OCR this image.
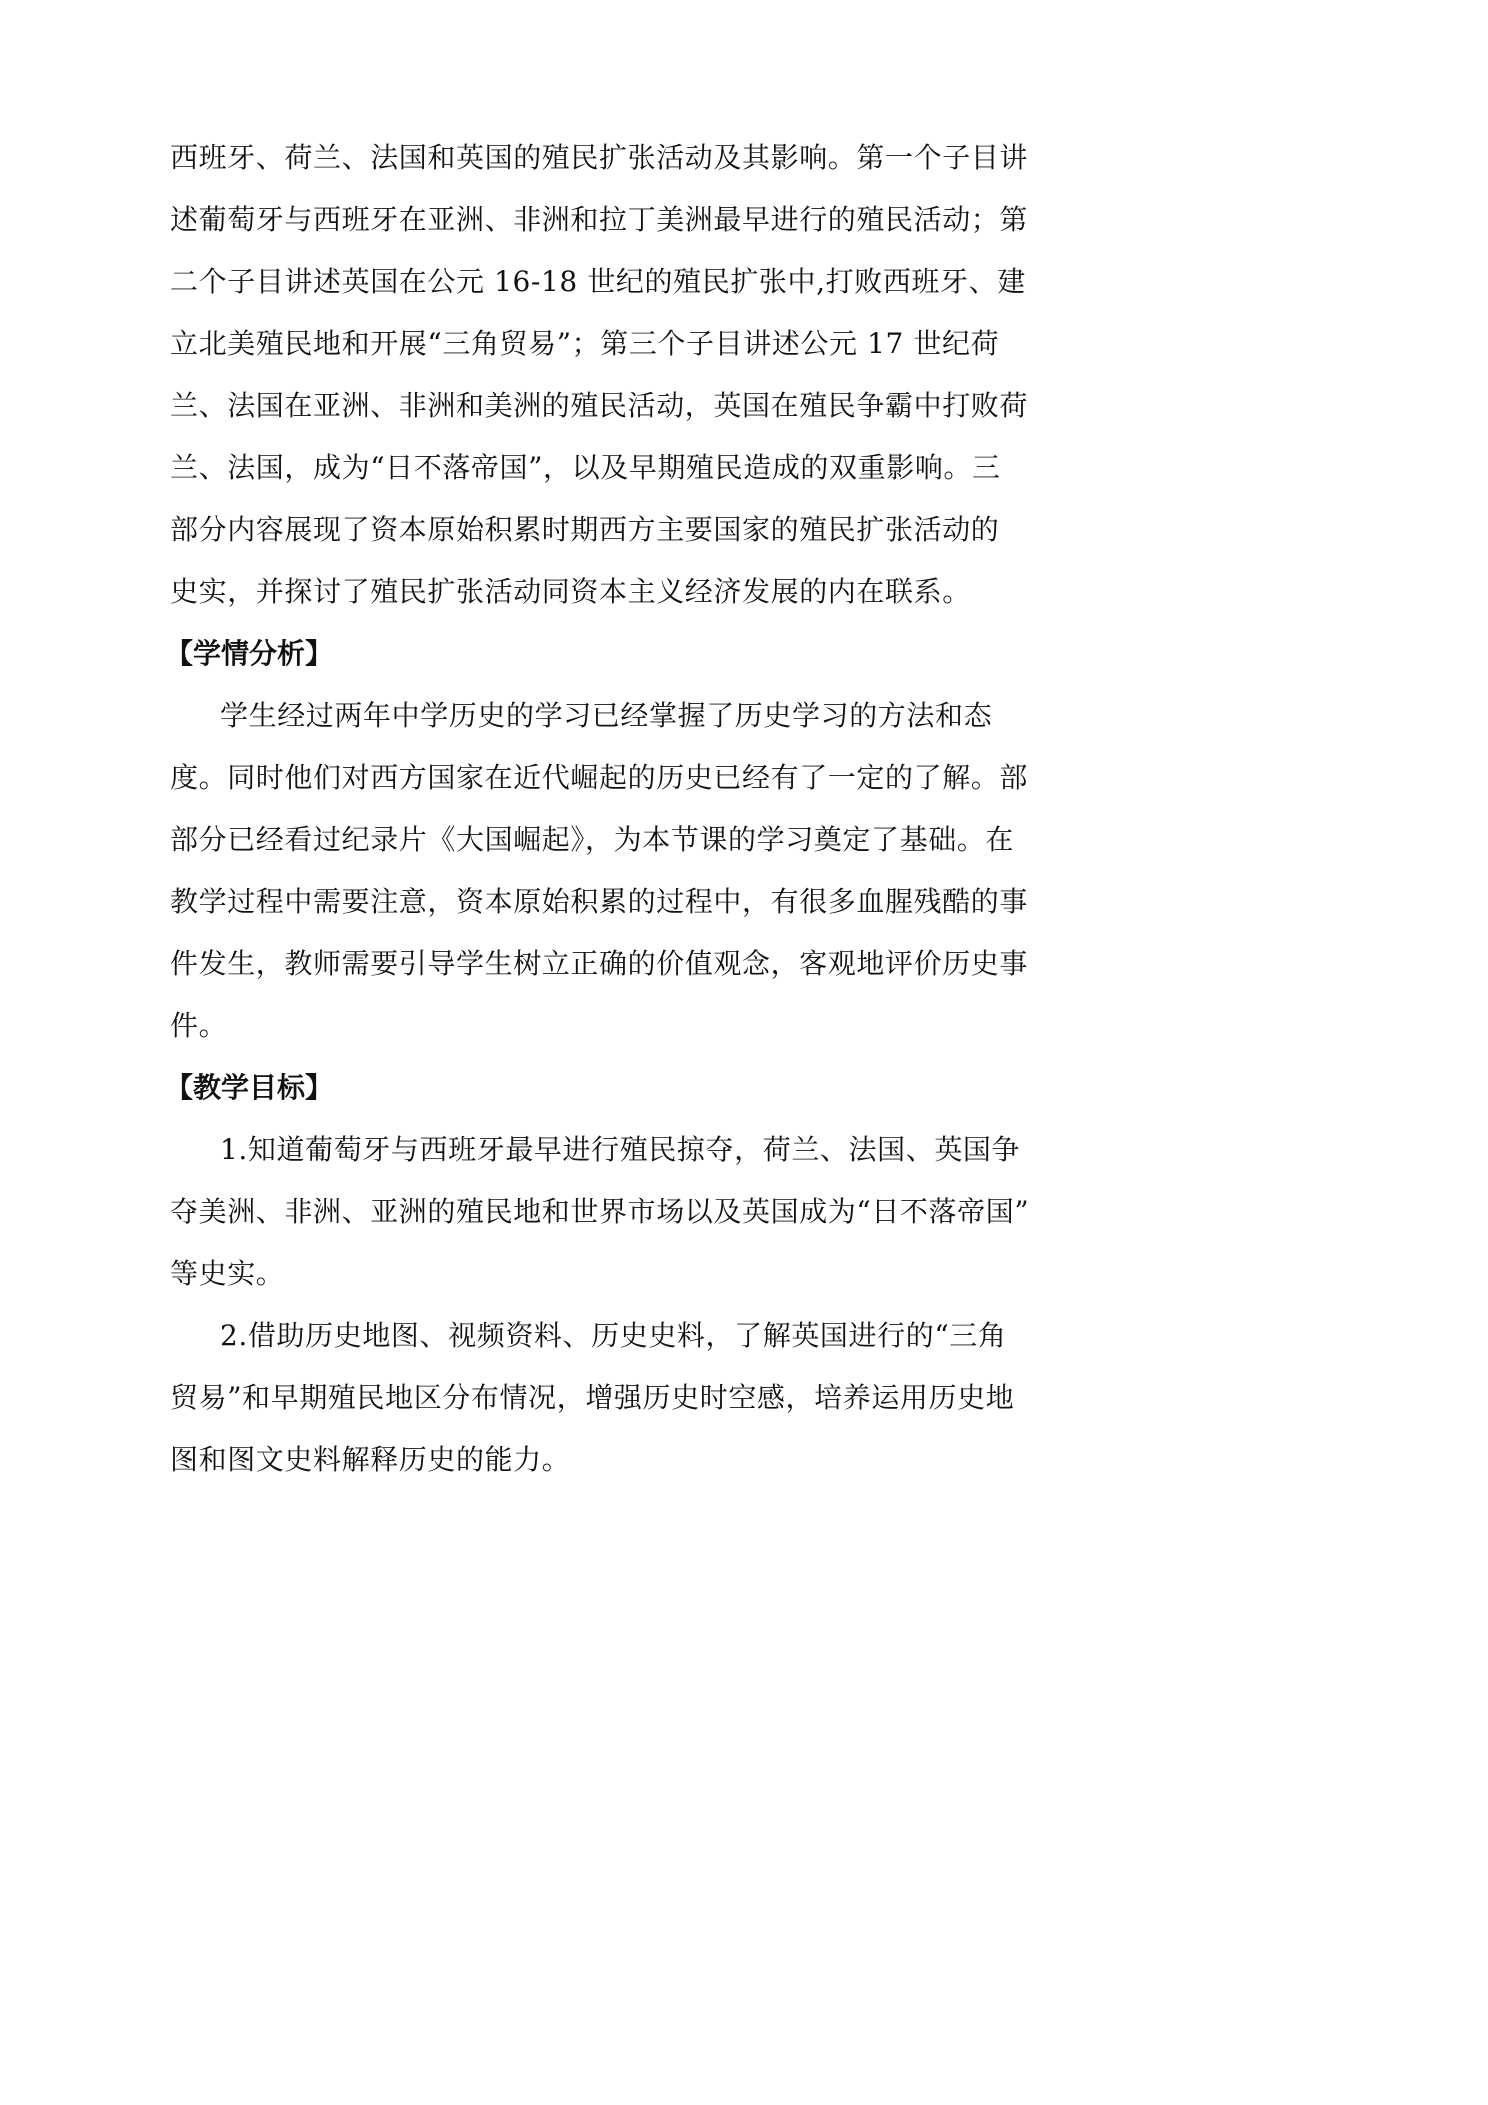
西班牙、荷兰、法国和英国的殖民扩张活动及其影响。第一个子目讲
述葡萄牙与西班牙在亚洲、非洲和拉丁美洲最早进行的殖民活动；第
二个子目讲述英国在公元 16-18 世纪的殖民扩张中,打败西班牙、建
立北美殖民地和开展“三角贸易”；第三个子目讲述公元 17 世纪荷
兰、法国在亚洲、非洲和美洲的殖民活动，英国在殖民争霸中打败荷
兰、法国，成为“日不落帝国”，以及早期殖民造成的双重影响。三
部分内容展现了资本原始积累时期西方主要国家的殖民扩张活动的
史实，并探讨了殖民扩张活动同资本主义经济发展的内在联系。
【学情分析】
学生经过两年中学历史的学习已经掌握了历史学习的方法和态
度。同时他们对西方国家在近代崛起的历史已经有了一定的了解。部
部分已经看过纪录片《大国崛起》，为本节课的学习奠定了基础。在
教学过程中需要注意，资本原始积累的过程中，有很多血腥残酷的事
件发生，教师需要引导学生树立正确的价值观念，客观地评价历史事
件。
【教学目标】
1.知道葡萄牙与西班牙最早进行殖民掠夺，荷兰、法国、英国争
夺美洲、非洲、亚洲的殖民地和世界市场以及英国成为“日不落帝国”
等史实。
2.借助历史地图、视频资料、历史史料，了解英国进行的“三角
贸易”和早期殖民地区分布情况，增强历史时空感，培养运用历史地
图和图文史料解释历史的能力。
